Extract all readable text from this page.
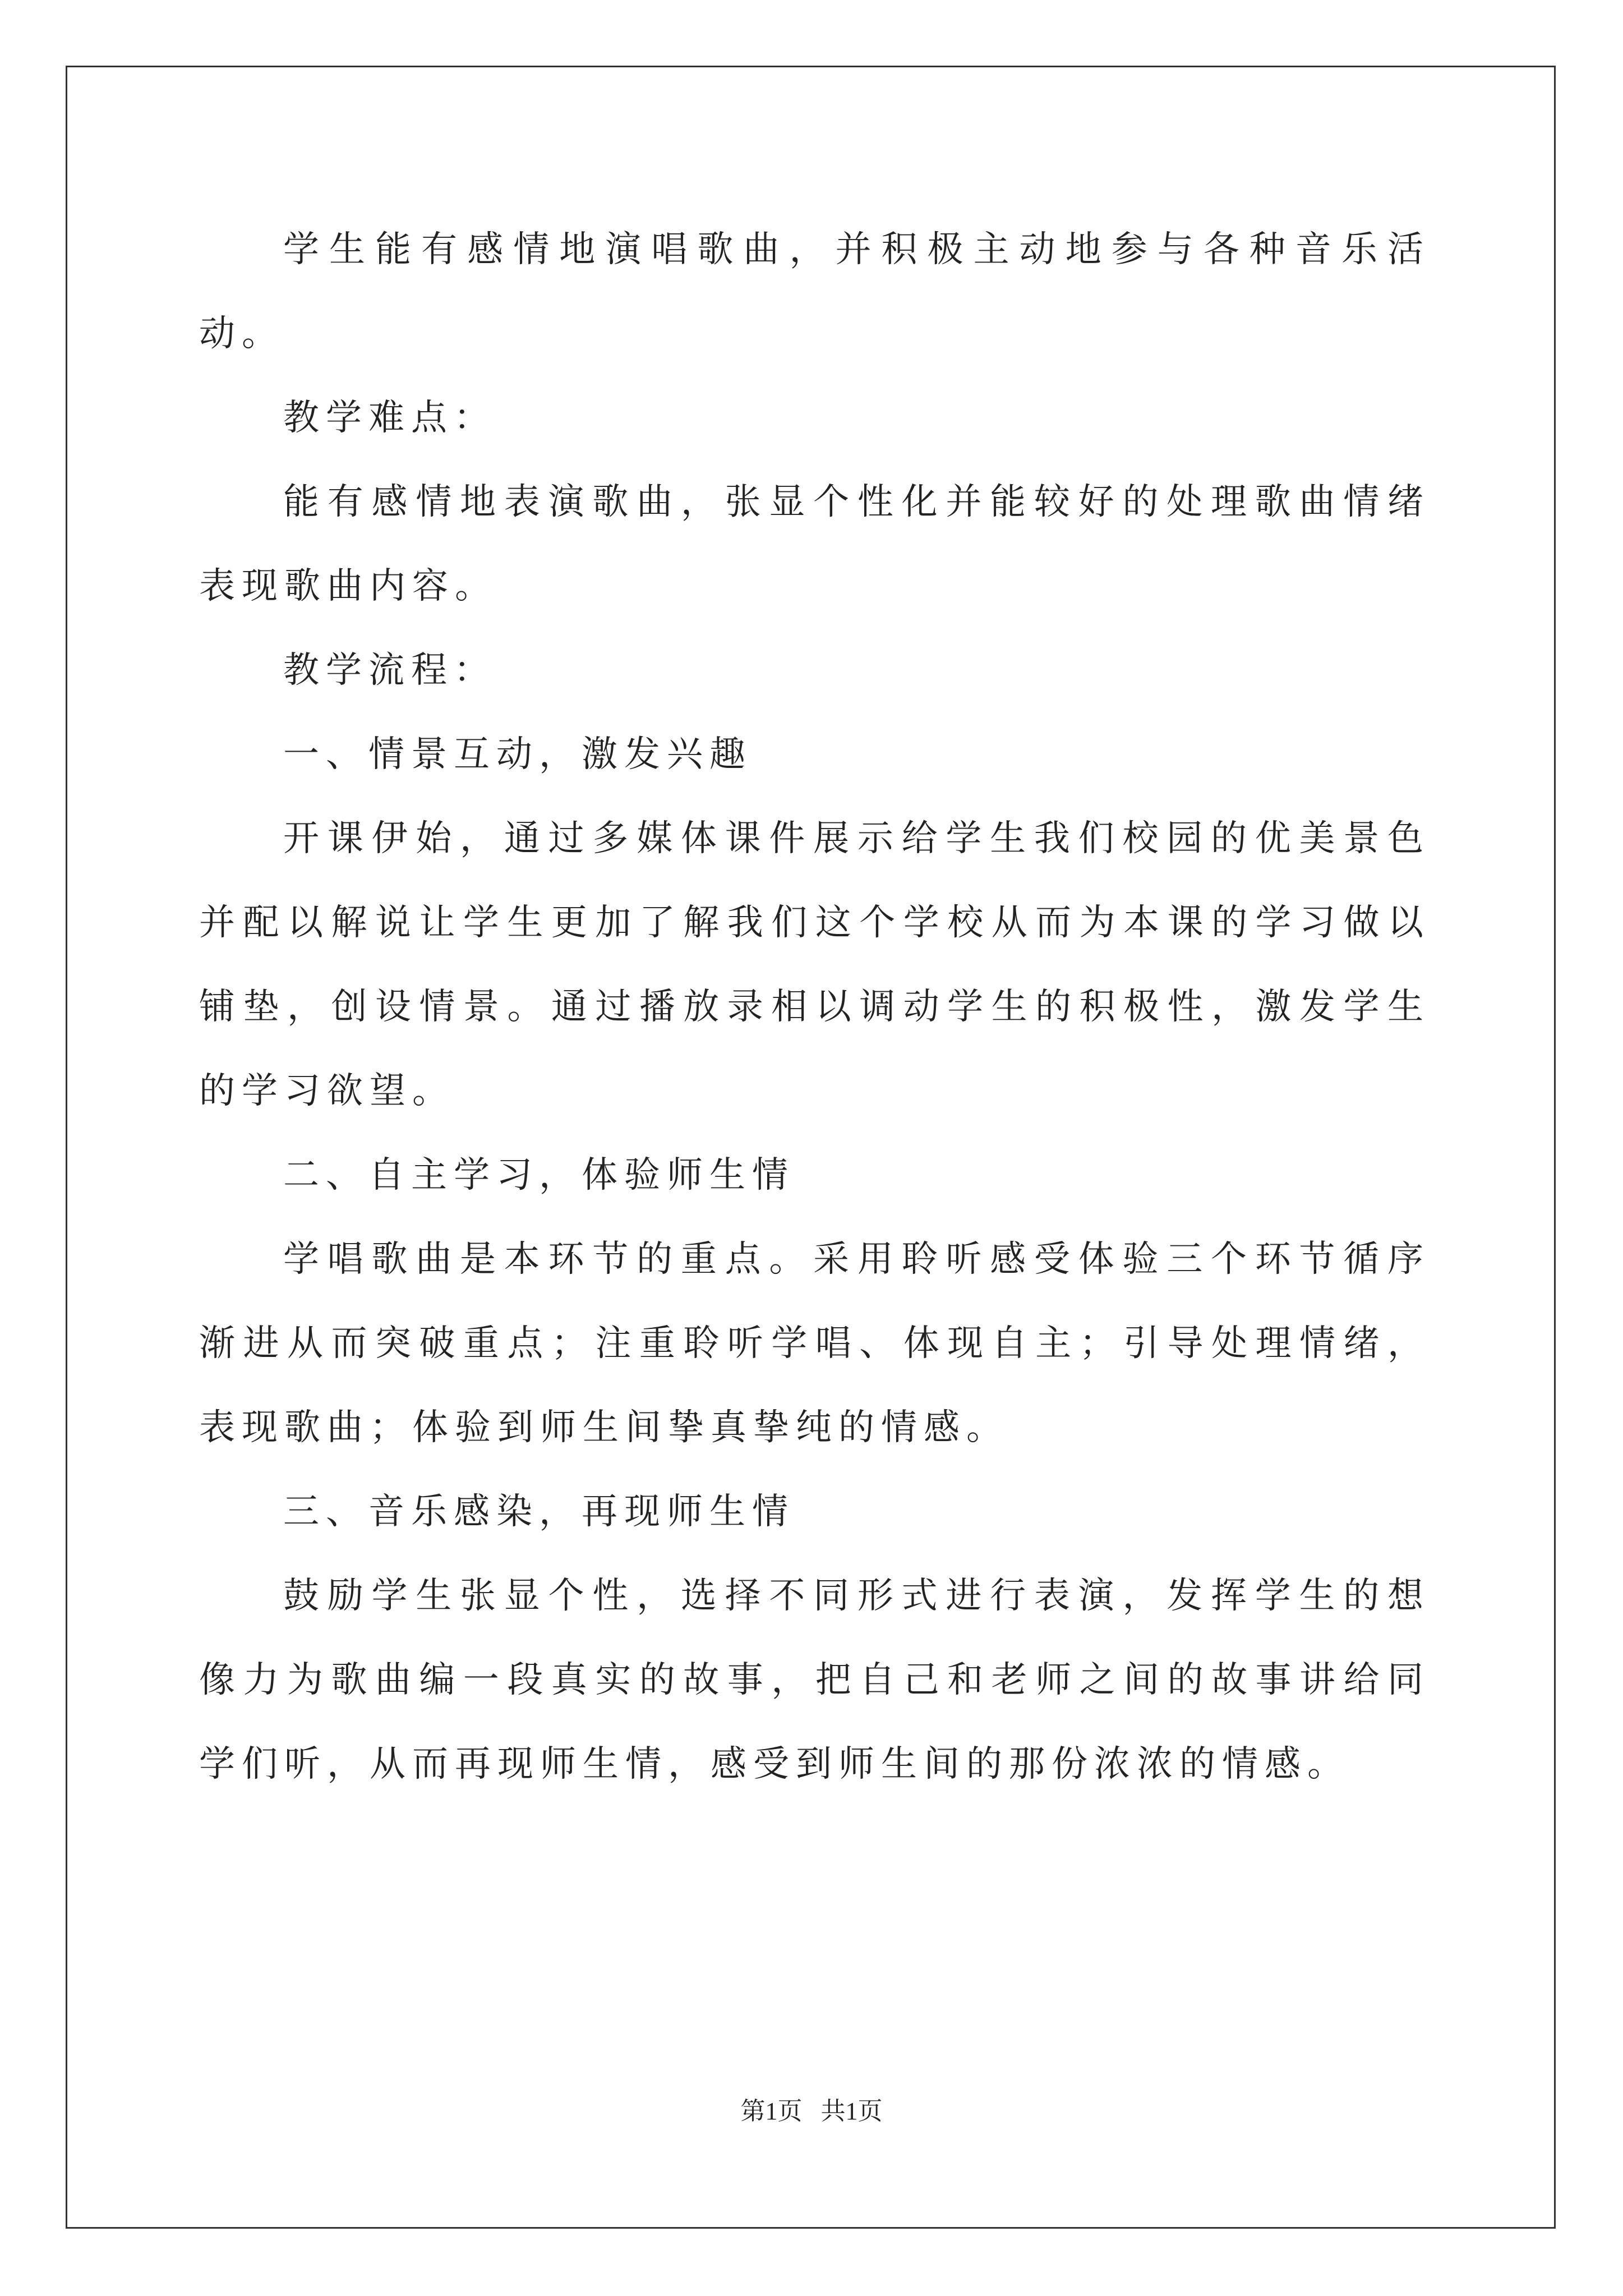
学生能有感情地演唱歌曲，并积极主动地参与各种音乐活动。

教学难点：

能有感情地表演歌曲，张显个性化并能较好的处理歌曲情绪表现歌曲内容。

教学流程：

一、情景互动，激发兴趣

开课伊始，通过多媒体课件展示给学生我们校园的优美景色并配以解说让学生更加了解我们这个学校从而为本课的学习做以铺垫，创设情景。通过播放录相以调动学生的积极性，激发学生的学习欲望。

二、自主学习，体验师生情

学唱歌曲是本环节的重点。采用聆听感受体验三个环节循序渐进从而突破重点；注重聆听学唱、体现自主；引导处理情绪，表现歌曲；体验到师生间挚真挚纯的情感。

三、音乐感染，再现师生情

鼓励学生张显个性，选择不同形式进行表演，发挥学生的想像力为歌曲编一段真实的故事，把自己和老师之间的故事讲给同学们听，从而再现师生情，感受到师生间的那份浓浓的情感。

第1页 共1页
